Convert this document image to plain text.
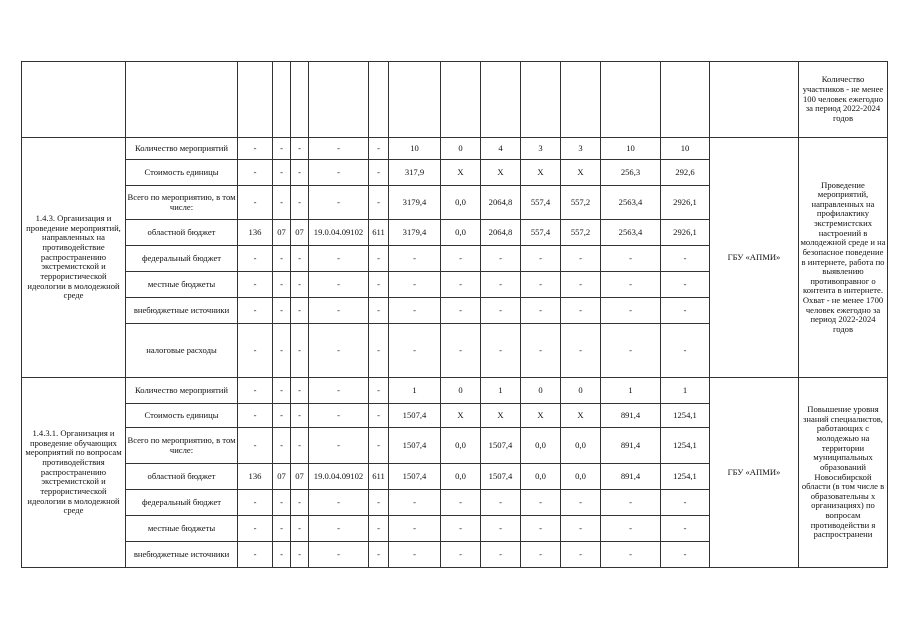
															Количество участников - не менее 100 человек ежегодно за период 2022-2024 годов
1.4.3. Организация и проведение мероприятий, направленных на противодействие распространению экстремистской и террористической идеологии в молодежной среде	Количество мероприятий	-	-	-	-	-	10	0	4	3	3	10	10	ГБУ «АПМИ»	Проведение мероприятий, направленных на профилактику экстремистских настроений в молодежной среде и на безопасное поведение в интернете, работа по выявлению противоправног о контента в интернете. Охват - не менее 1700 человек ежегодно за период 2022-2024 годов
	Стоимость единицы	-	-	-	-	-	317,9	X	X	X	X	256,3	292,6		
	Всего по мероприятию, в том числе:	-	-	-	-	-	3179,4	0,0	2064,8	557,4	557,2	2563,4	2926,1		
	областной бюджет	136	07	07	19.0.04.09102	611	3179,4	0,0	2064,8	557,4	557,2	2563,4	2926,1		
	федеральный бюджет	-	-	-	-	-	-	-	-	-	-	-	-		
	местные бюджеты	-	-	-	-	-	-	-	-	-	-	-	-		
	внебюджетные источники	-	-	-	-	-	-	-	-	-	-	-	-		
	налоговые расходы	-	-	-	-	-	-	-	-	-	-	-	-		
1.4.3.1. Организация и проведение обучающих мероприятий по вопросам противодействия распространению экстремистской и террористической идеологии в молодежной среде	Количество мероприятий	-	-	-	-	-	1	0	1	0	0	1	1	ГБУ «АПМИ»	Повышение уровня знаний специалистов, работающих с молодежью на территории муниципальных образований Новосибирской области (в том числе в образовательны х организациях) по вопросам противодействи я распространени
	Стоимость единицы	-	-	-	-	-	1507,4	X	X	X	X	891,4	1254,1		
	Всего по мероприятию, в том числе:	-	-	-	-	-	1507,4	0,0	1507,4	0,0	0,0	891,4	1254,1		
	областной бюджет	136	07	07	19.0.04.09102	611	1507,4	0,0	1507,4	0,0	0,0	891,4	1254,1		
	федеральный бюджет	-	-	-	-	-	-	-	-	-	-	-	-		
	местные бюджеты	-	-	-	-	-	-	-	-	-	-	-	-		
	внебюджетные источники	-	-	-	-	-	-	-	-	-	-	-	-		
